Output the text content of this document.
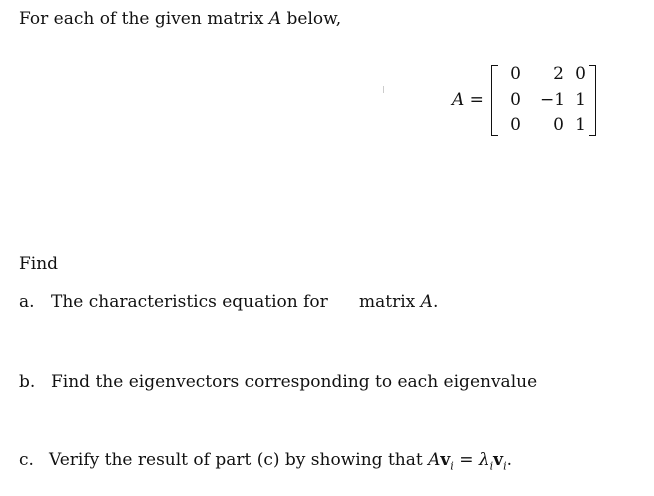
For each of the given matrix A below,
A =
0	2 0
0 −1 1
0	0 1
Find
a. The characteristics equation for matrix A.
b. Find the eigenvectors corresponding to each eigenvalue
c. Verify the result of part (c) by showing that $Av_i = \lambda_iv_i$.
